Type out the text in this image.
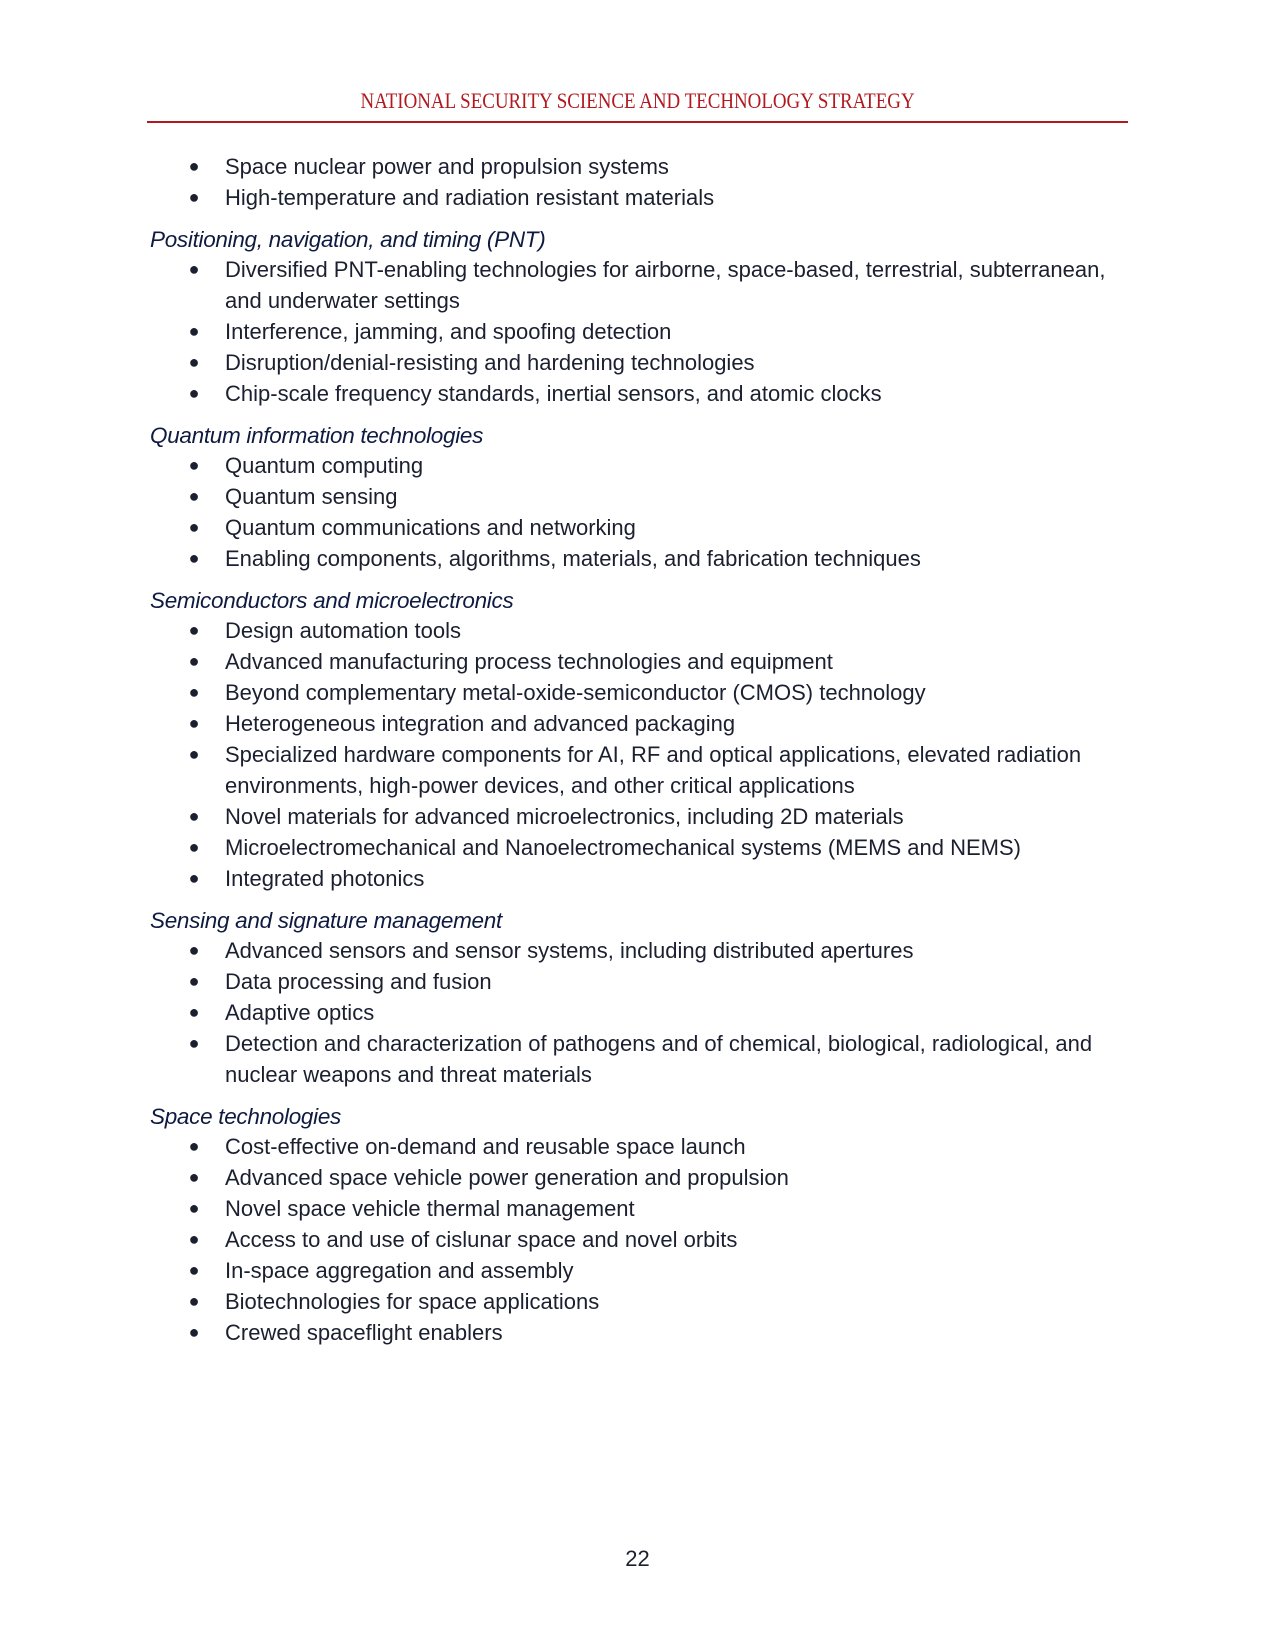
NATIONAL SECURITY SCIENCE AND TECHNOLOGY STRATEGY
● Space nuclear power and propulsion systems
● High-temperature and radiation resistant materials
Positioning, navigation, and timing (PNT)
● Diversified PNT-enabling technologies for airborne, space-based, terrestrial, subterranean, and underwater settings
● Interference, jamming, and spoofing detection
● Disruption/denial-resisting and hardening technologies
● Chip-scale frequency standards, inertial sensors, and atomic clocks
Quantum information technologies
● Quantum computing
● Quantum sensing
● Quantum communications and networking
● Enabling components, algorithms, materials, and fabrication techniques
Semiconductors and microelectronics
● Design automation tools
● Advanced manufacturing process technologies and equipment
● Beyond complementary metal-oxide-semiconductor (CMOS) technology
● Heterogeneous integration and advanced packaging
● Specialized hardware components for AI, RF and optical applications, elevated radiation environments, high-power devices, and other critical applications
● Novel materials for advanced microelectronics, including 2D materials
● Microelectromechanical and Nanoelectromechanical systems (MEMS and NEMS)
● Integrated photonics
Sensing and signature management
● Advanced sensors and sensor systems, including distributed apertures
● Data processing and fusion
● Adaptive optics
● Detection and characterization of pathogens and of chemical, biological, radiological, and nuclear weapons and threat materials
Space technologies
● Cost-effective on-demand and reusable space launch
● Advanced space vehicle power generation and propulsion
● Novel space vehicle thermal management
● Access to and use of cislunar space and novel orbits
● In-space aggregation and assembly
● Biotechnologies for space applications
● Crewed spaceflight enablers
22
